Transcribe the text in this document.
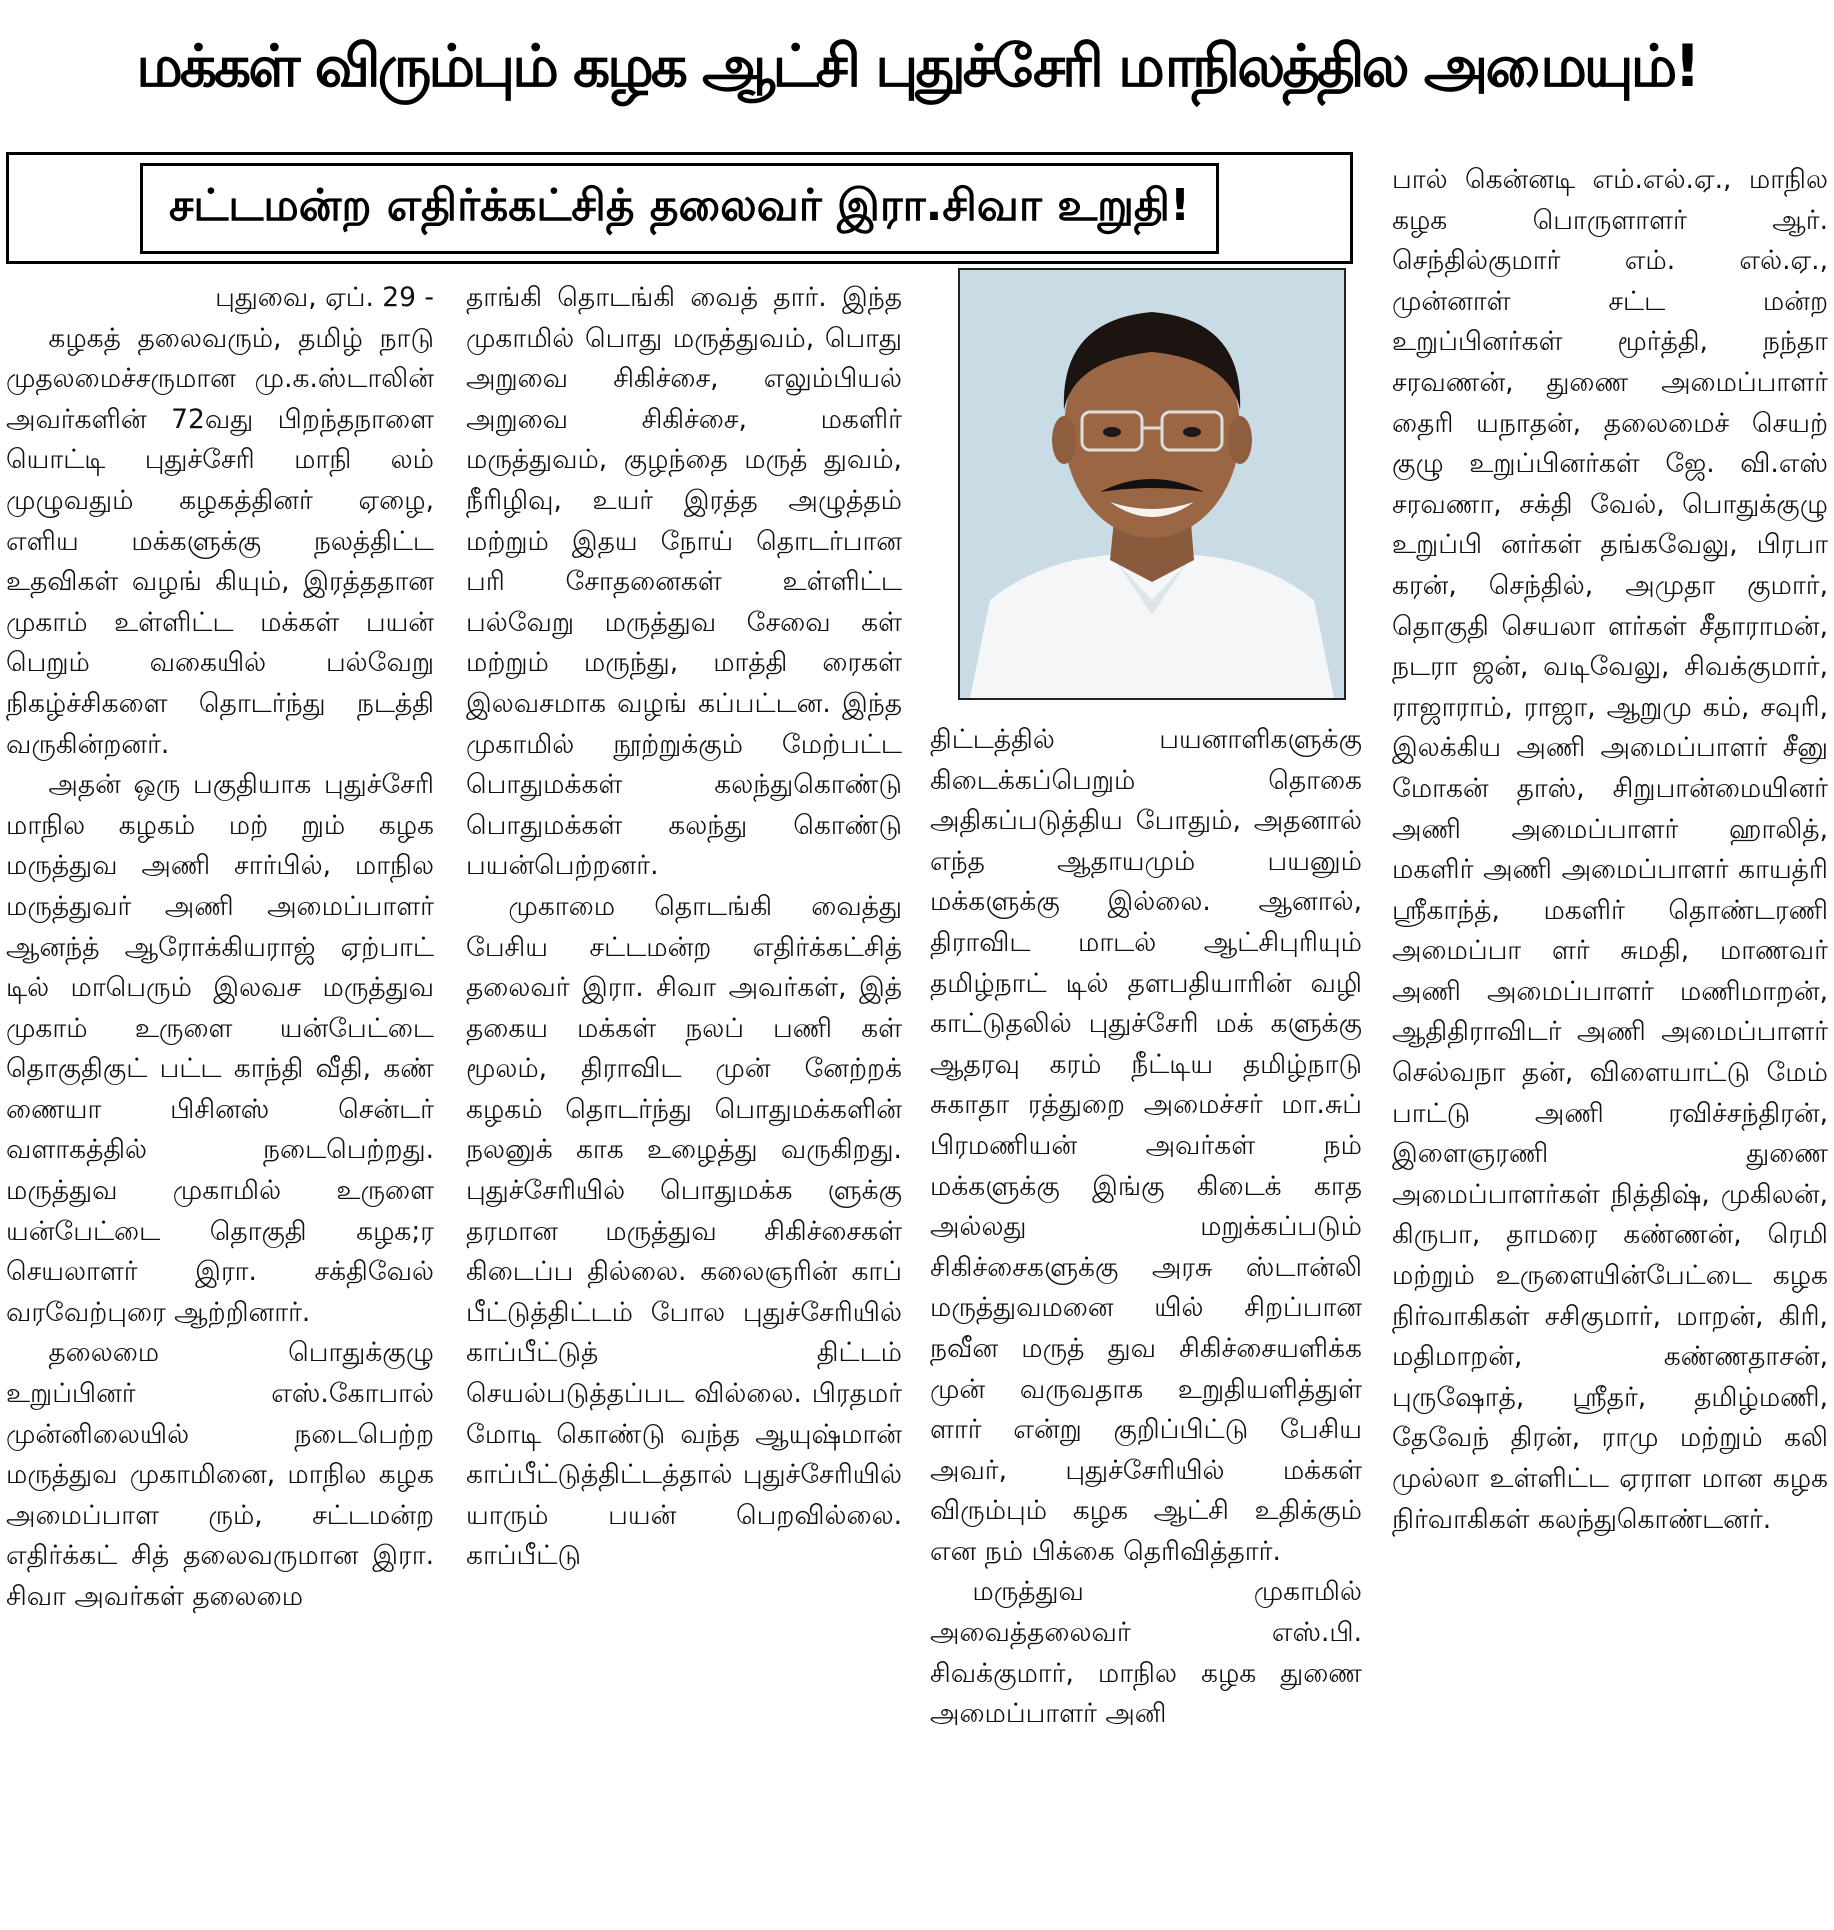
மக்கள் விரும்பும் கழக ஆட்சி புதுச்சேரி மாநிலத்தில அமையும்!
சட்டமன்ற எதிர்க்கட்சித் தலைவர் இரா.சிவா உறுதி!

புதுவை, ஏப். 29 -

கழகத் தலைவரும், தமிழ் நாடு முதலமைச்சருமான மு.க.ஸ்டாலின் அவர்களின் 72வது பிறந்தநாளை யொட்டி புதுச்சேரி மாநி லம் முழுவதும் கழகத்தினர் ஏழை, எளிய மக்களுக்கு நலத்திட்ட உதவிகள் வழங் கியும், இரத்ததான முகாம் உள்ளிட்ட மக்கள் பயன் பெறும் வகையில் பல்வேறு நிகழ்ச்சிகளை தொடர்ந்து நடத்தி வருகின்றனர்.

அதன் ஒரு பகுதியாக புதுச்சேரி மாநில கழகம் மற் றும் கழக மருத்துவ அணி சார்பில், மாநில மருத்துவர் அணி அமைப்பாளர் ஆனந்த் ஆரோக்கியராஜ் ஏற்பாட் டில் மாபெரும் இலவச மருத்துவ முகாம் உருளை யன்பேட்டை தொகுதிகுட் பட்ட காந்தி வீதி, கண் ணையா பிசினஸ் சென்டர் வளாகத்தில் நடைபெற்றது. மருத்துவ முகாமில் உருளை யன்பேட்டை தொகுதி கழக;ர செயலாளர் இரா. சக்திவேல் வரவேற்புரை ஆற்றினார்.

தலைமை பொதுக்குழு உறுப்பினர் எஸ்.கோபால் முன்னிலையில் நடைபெற்ற மருத்துவ முகாமினை, மாநில கழக அமைப்பாள ரும், சட்டமன்ற எதிர்க்கட் சித் தலைவருமான இரா. சிவா அவர்கள் தலைமை

தாங்கி தொடங்கி வைத் தார். இந்த முகாமில் பொது மருத்துவம், பொது அறுவை சிகிச்சை, எலும்பியல் அறுவை சிகிச்சை, மகளிர் மருத்துவம், குழந்தை மருத் துவம், நீரிழிவு, உயர் இரத்த அழுத்தம் மற்றும் இதய நோய் தொடர்பான பரி சோதனைகள் உள்ளிட்ட பல்வேறு மருத்துவ சேவை கள் மற்றும் மருந்து, மாத்தி ரைகள் இலவசமாக வழங் கப்பட்டன. இந்த முகாமில் நூற்றுக்கும் மேற்பட்ட பொதுமக்கள் கலந்துகொண்டு பொதுமக்கள் கலந்து கொண்டு பயன்பெற்றனர்.

முகாமை தொடங்கி வைத்து பேசிய சட்டமன்ற எதிர்க்கட்சித் தலைவர் இரா. சிவா அவர்கள், இத் தகைய மக்கள் நலப் பணி கள் மூலம், திராவிட முன் னேற்றக் கழகம் தொடர்ந்து பொதுமக்களின் நலனுக் காக உழைத்து வருகிறது. புதுச்சேரியில் பொதுமக்க ளுக்கு தரமான மருத்துவ சிகிச்சைகள் கிடைப்ப தில்லை. கலைஞரின் காப் பீட்டுத்திட்டம் போல புதுச்சேரியில் காப்பீட்டுத் திட்டம் செயல்படுத்தப்பட வில்லை. பிரதமர் மோடி கொண்டு வந்த ஆயுஷ்மான் காப்பீட்டுத்திட்டத்தால் புதுச்சேரியில் யாரும் பயன் பெறவில்லை. காப்பீட்டு

திட்டத்தில் பயனாளிகளுக்கு கிடைக்கப்பெறும் தொகை அதிகப்படுத்திய போதும், அதனால் எந்த ஆதாயமும் பயனும் மக்களுக்கு இல்லை. ஆனால், திராவிட மாடல் ஆட்சிபுரியும் தமிழ்நாட் டில் தளபதியாரின் வழி காட்டுதலில் புதுச்சேரி மக் களுக்கு ஆதரவு கரம் நீட்டிய தமிழ்நாடு சுகாதா ரத்துறை அமைச்சர் மா.சுப் பிரமணியன் அவர்கள் நம் மக்களுக்கு இங்கு கிடைக் காத அல்லது மறுக்கப்படும் சிகிச்சைகளுக்கு அரசு ஸ்டான்லி மருத்துவமனை யில் சிறப்பான நவீன மருத் துவ சிகிச்சையளிக்க முன் வருவதாக உறுதியளித்துள் ளார் என்று குறிப்பிட்டு பேசிய அவர், புதுச்சேரியில் மக்கள் விரும்பும் கழக ஆட்சி உதிக்கும் என நம் பிக்கை தெரிவித்தார்.

மருத்துவ முகாமில் அவைத்தலைவர் எஸ்.பி. சிவக்குமார், மாநில கழக துணை அமைப்பாளர் அனி

பால் கென்னடி எம்.எல்.ஏ., மாநில கழக பொருளாளர் ஆர். செந்தில்குமார் எம். எல்.ஏ., முன்னாள் சட்ட மன்ற உறுப்பினர்கள் மூர்த்தி, நந்தா சரவணன், துணை அமைப்பாளர் தைரி யநாதன், தலைமைச் செயற் குழு உறுப்பினர்கள் ஜே. வி.எஸ் சரவணா, சக்தி வேல், பொதுக்குழு உறுப்பி னர்கள் தங்கவேலு, பிரபா கரன், செந்தில், அமுதா குமார், தொகுதி செயலா ளர்கள் சீதாராமன், நடரா ஜன், வடிவேலு, சிவக்குமார், ராஜாராம், ராஜா, ஆறுமு கம், சவுரி, இலக்கிய அணி அமைப்பாளர் சீனு மோகன் தாஸ், சிறுபான்மையினர் அணி அமைப்பாளர் ஹாலித், மகளிர் அணி அமைப்பாளர் காயத்ரி ஸ்ரீகாந்த், மகளிர் தொண்டரணி அமைப்பா ளர் சுமதி, மாணவர் அணி அமைப்பாளர் மணிமாறன், ஆதிதிராவிடர் அணி அமைப்பாளர் செல்வநா தன், விளையாட்டு மேம் பாட்டு அணி ரவிச்சந்திரன், இளைஞரணி துணை அமைப்பாளர்கள் நித்திஷ், முகிலன், கிருபா, தாமரை கண்ணன், ரெமி மற்றும் உருளையின்பேட்டை கழக நிர்வாகிகள் சசிகுமார், மாறன், கிரி, மதிமாறன், கண்ணதாசன், புருஷோத், ஸ்ரீதர், தமிழ்மணி, தேவேந் திரன், ராமு மற்றும் கலி முல்லா உள்ளிட்ட ஏராள மான கழக நிர்வாகிகள் கலந்துகொண்டனர்.
